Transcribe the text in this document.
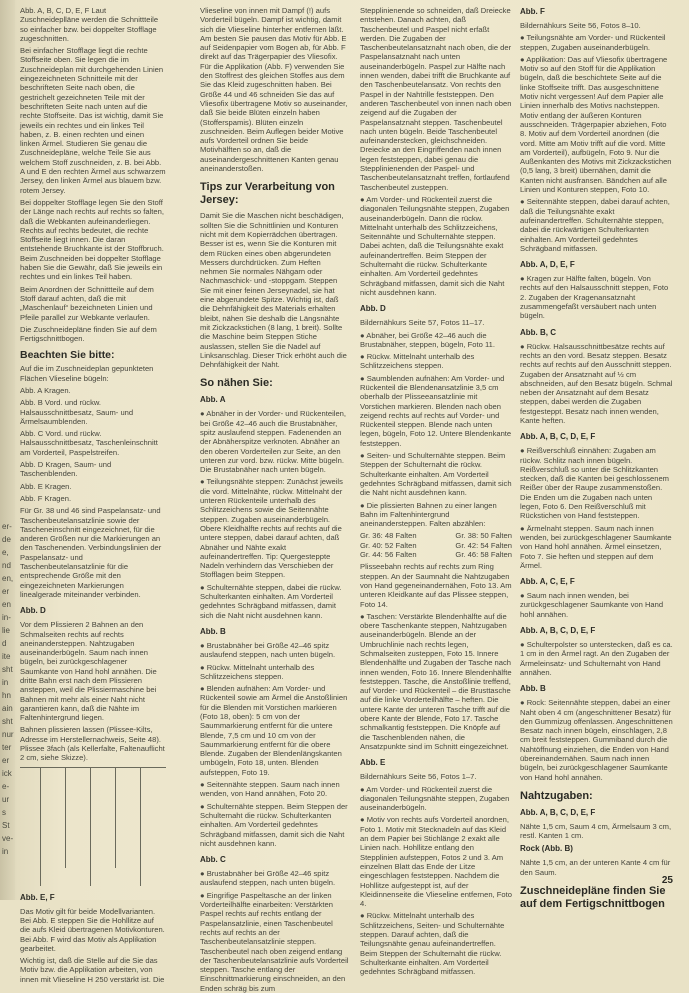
er-
de
e,
nd
en,
er
en
in-
lie
d
ite
sht
in
hn
ain
sht
nur
ter
er
ick
e-
ur
s
St
ve-
in

Abb. A, B, C, D, E, F Laut Zuschneideplläne werden die Schnittteile so einfacher bzw. bei doppelter Stofflage zugeschnitten.

Bei einfacher Stofflage liegt die rechte Stoffseite oben. Sie legen die im Zuschneideplan mit durchgehenden Linien eingezeichneten Schnitteile mit der beschrifteten Seite nach oben, die gestrichelt gezeichneten Teile mit der beschrifteten Seite nach unten auf die rechte Stoffseite. Das ist wichtig, damit Sie jeweils ein rechtes und ein linkes Teil haben, z. B. einen rechten und einen linken Ärmel. Studieren Sie genau die Zuschneidepläne, welche Teile Sie aus welchem Stoff zuschneiden, z. B. bei Abb. A und E den rechten Ärmel aus schwarzem Jersey, den linken Ärmel aus blauem bzw. rotem Jersey.

Bei doppelter Stofflage legen Sie den Stoff der Länge nach rechts auf rechts so falten, daß die Webkanten aufeinanderliegen. Rechts auf rechts bedeutet, die rechte Stoffseite liegt innen. Die daran entstehende Bruchkante ist der Stoffbruch. Beim Zuschneiden bei doppelter Stofflage haben Sie die Gewähr, daß Sie jeweils ein rechtes und ein linkes Teil haben.

Beim Anordnen der Schnittteile auf dem Stoff darauf achten, daß die mit „Maschenlauf“ bezeichneten Linien und Pfeile parallel zur Webkante verlaufen.

Die Zuschneidepläne finden Sie auf dem Fertigschnittbogen.

Beachten Sie bitte:

Auf die im Zuschneideplan gepunkteten Flächen Vlieseline bügeln:

Abb. A Kragen.

Abb. B Vord. und rückw. Halsausschnittbesatz, Saum- und Ärmelsaumblenden.

Abb. C Vord. und rückw. Halsausschnittbesatz, Taschenleinschnitt am Vorderteil, Paspelstreifen.

Abb. D Kragen, Saum- und Taschenblenden.

Abb. E Kragen.

Abb. F Kragen.

Für Gr. 38 und 46 sind Paspelansatz- und Taschenbeutelansatzlinie sowie der Tascheneinschnitt eingezeichnet, für die anderen Größen nur die Markierungen an den Taschenenden. Verbindungslinien der Paspelansatz- und Taschenbeutelansatzlinie für die entsprechende Größe mit den eingezeichneten Markierungen linealgerade miteinander verbinden.

Abb. D

Vor dem Plissieren 2 Bahnen an den Schmalseiten rechts auf rechts aneinandersteppen. Nahtzugaben auseinanderbügeln. Saum nach innen bügeln, bei zurückgeschlagener Saumkante von Hand hohl annähen. Die dritte Bahn erst nach dem Plissieren ansteppen, weil die Plissiermaschine bei Bahnen mit mehr als einer Naht nicht garantieren kann, daß die Nähte im Faltenhintergrund liegen.

Bahnen plissieren lassen (Plissee-Kilts, Adresse im Herstellernachweis, Seite 48). Plissee 3fach (als Kellerfalte, Faltenauflicht 2 cm, siehe Skizze).

Abb. E, F

Das Motiv gilt für beide Modellvarianten. Bei Abb. E steppen Sie die Hohllitze auf die aufs Kleid übertragenen Motivkonturen. Bei Abb. F wird das Motiv als Applikation gearbeitet.

Wichtig ist, daß die Stelle auf die Sie das Motiv bzw. die Applikation arbeiten, von innen mit Vlieseline H 250 verstärkt ist. Die

Vlieseline von innen mit Dampf (!) aufs Vorderteil bügeln. Dampf ist wichtig, damit sich die Vlieseline hinterher entfernen läßt. Am besten Sie pausen das Motiv für Abb. E auf Seidenpapier vom Bogen ab, für Abb. F direkt auf das Trägerpapier des Vliesofix. Für die Applikation (Abb. F) verwenden Sie den Stoffrest des gleichen Stoffes aus dem Sie das Kleid zugeschnitten haben. Bei Größe 44 und 46 schneiden Sie das auf Vliesofix übertragene Motiv so auseinander, daß Sie beide Blüten einzeln haben (Stofferspamis). Blüten einzeln zuschneiden. Beim Auflegen beider Motive aufs Vorderteil ordnen Sie beide Motivhälften so an, daß die auseinandergeschnittenen Kanten genau aneinanderstoßen.

Tips zur Verarbeitung von Jersey:

Damit Sie die Maschen nicht beschädigen, sollten Sie die Schnittlinien und Konturen nicht mit dem Kopierrädchen übertragen. Besser ist es, wenn Sie die Konturen mit dem Rücken eines oben abgerundeten Messers durchdrücken. Zum Heften nehmen Sie normales Nähgarn oder Nachmaschick- und -stoppgam. Steppen Sie mit einer feinen Jerseynadel, sie hat eine abgerundete Spitze. Wichtig ist, daß die Dehnfähigkeit des Materials erhalten bleibt, nähen Sie deshalb die Längsnähte mit Zickzackstichen (8 lang, 1 breit). Sollte die Maschine beim Steppen Stiche auslassen, stellen Sie die Nadel auf Linksanschlag. Dieser Trick erhöht auch die Dehnfähigkeit der Naht.

So nähen Sie:
Abb. A

● Abnäher in der Vorder- und Rückenteilen, bei Größe 42–46 auch die Brustabnäher, spitz auslaufend steppen. Fadenenden an der Abnäherspitze verknoten. Abnäher an den oberen Vorderteilen zur Seite, an den unteren zur vord. bzw. rückw. Mitte bügeln. Die Brustabnäher nach unten bügeln.

● Teilungsnähte steppen: Zunächst jeweils die vord. Mittelnähte, rückw. Mittelnaht der unteren Rückenteile unterhalb des Schlitzzeichens sowie die Seitennähte steppen. Zugaben auseinanderbügeln. Obere Kleidhälfte rechts auf rechts auf die untere steppen, dabei darauf achten, daß Abnäher und Nähte exakt aufeinandertreffen. Tip: Quergesteppte Nadeln verhindern das Verschieben der Stofflagen beim Steppen.

● Schulternähte steppen, dabei die rückw. Schulterkanten einhalten. Am Vorderteil gedehntes Schrägband mitfassen, damit sich die Naht nicht ausdehnen kann.

Abb. B

● Brustabnäher bei Größe 42–46 spitz auslaufend steppen, nach unten bügeln.

● Rückw. Mittelnaht unterhalb des Schlitzzeichens steppen.

● Blenden aufnähen: Am Vorder- und Rückenteil sowie am Ärmel die Anstoßlinien für die Blenden mit Vorstichen markieren (Foto 18, oben): 5 cm von der Saummarkierung entfernt für die untere Blende, 7,5 cm und 10 cm von der Saummarkierung entfernt für die obere Blende. Zugaben der Blendenlängskanten umbügeln, Foto 18, unten. Blenden aufsteppen, Foto 19.

● Seitennähte steppen. Saum nach innen wenden, von Hand annähen, Foto 20.

● Schulternähte steppen. Beim Steppen der Schulternaht die rückw. Schulterkanten einhalten. Am Vorderteil gedehntes Schrägband mitfassen, damit sich die Naht nicht ausdehnen kann.

Abb. C

● Brustabnäher bei Größe 42–46 spitz auslaufend steppen, nach unten bügeln.

● Eingrifige Paspeltasche an der linken Vorderteilhälfte einarbeiten: Verstärkten Paspel rechts auf rechts entlang der Paspelansatzlinie, einen Taschenbeutel rechts auf rechts an der Taschenbeutelansatzlinie steppen. Taschenbeutel nach oben zeigend entlang der Taschenbeutelansatzlinie aufs Vorderteil steppen. Tasche entlang der Einschnittmarkierung einschneiden, an den Enden schräg bis zum

Stepplinienende so schneiden, daß Dreiecke entstehen. Danach achten, daß Taschenbeutel und Paspel nicht erfaßt werden. Die Zugaben der Taschenbeutelansatznaht nach oben, die der Paspelansatznaht nach unten auseinanderbügeln. Paspel zur Hälfte nach innen wenden, dabei trifft die Bruchkante auf den Taschenbeutelansatz. Von rechts den Paspel in der Nahtrille feststeppen. Den anderen Taschenbeutel von innen nach oben zeigend auf die Zugaben der Paspelansatznaht steppen. Taschenbeutel nach unten bügeln. Beide Taschenbeutel aufeinanderstecken, gleichschneiden. Dreiecke an den Eingriffenden nach innen legen feststeppen, dabei genau die Stepplinienenden der Paspel- und Taschenbeutelansatznaht treffen, fortlaufend Taschenbeutel zusteppen.

● Am Vorder- und Rückenteil zuerst die diagonalen Teilungsnähte steppen, Zugaben auseinanderbügeln. Dann die rückw. Mittelnaht unterhalb des Schlitzzeichens, Seitennähte und Schulternähte steppen. Dabei achten, daß die Teilungsnähte exakt aufeinandertreffen. Beim Steppen der Schulternaht die rückw. Schulterkante einhalten. Am Vorderteil gedehntes Schrägband mitfassen, damit sich die Naht nicht ausdehnen kann.

Abb. D

Bildernähkurs Seite 57, Fotos 11–17.

● Abnäher, bei Größe 42–46 auch die Brustabnäher, steppen, bügeln, Foto 11.

● Rückw. Mittelnaht unterhalb des Schlitzzeichens steppen.

● Saumblenden aufnähen: Am Vorder- und Rückenteil die Blendenansatzlinie 3,5 cm oberhalb der Plisseeansatzlinie mit Vorstichen markieren. Blenden nach oben zeigend rechts auf rechts auf Vorder- und Rückenteil steppen. Blende nach unten legen, bügeln, Foto 12. Untere Blendenkante feststeppen.

● Seiten- und Schulternähte steppen. Beim Steppen der Schulternaht die rückw. Schulterkante einhalten. Am Vorderteil gedehntes Schrägband mitfassen, damit sich die Naht nicht ausdehnen kann.

● Die plissierten Bahnen zu einer langen Bahn im Faltenhintergrund aneinandersteppen. Falten abzählen:

Gr. 36: 48 Falten	Gr. 38: 50 Falten
Gr. 40: 52 Falten	Gr. 42: 54 Falten
Gr. 44: 56 Falten	Gr. 46: 58 Falten

Plisseebahn rechts auf rechts zum Ring steppen. An der Saumnaht die Nahtzugaben von Hand gegeneinandernähen, Foto 13. Am unteren Kleidkante auf das Plissee steppen, Foto 14.

● Taschen: Verstärkte Blendenhälfte auf die obere Taschenkante steppen, Nahtzugaben auseinanderbügeln. Blende an der Umbruchlinie nach rechts legen, Schmalseiten zusteppen, Foto 15. Innere Blendenhälfte und Zugaben der Tasche nach innen wenden, Foto 16. Innere Blendenhälfte feststeppen. Tasche, die Anstoßlinie treffend, auf Vorder- und Rückenteil – die Brusttasche auf die linke Vorderteilhälfte – heften. Die untere Kante der unteren Tasche trifft auf die obere Kante der Blende, Foto 17. Tasche schmalkantig feststeppen. Die Knöpfe auf die Taschenblenden nähen, die Ansatzpunkte sind im Schnitt eingezeichnet.

Abb. E

Bildernähkurs Seite 56, Fotos 1–7.

● Am Vorder- und Rückenteil zuerst die diagonalen Teilungsnähte steppen, Zugaben auseinanderbügeln.

● Motiv von rechts aufs Vorderteil anordnen, Foto 1. Motiv mit Stecknadeln auf das Kleid an dem Papier bei Stichlänge 2 exakt alle Linien nach. Hohllitze entlang den Stepplinien aufsteppen, Fotos 2 und 3. Am einzelnen Blatt das Ende der Litze eingeschlagen feststeppen. Nachdem die Hohllitze aufgesteppt ist, auf der Kleidinnenseite die Vlieseline entfernen, Foto 4.

● Rückw. Mittelnaht unterhalb des Schlitzzeichens, Seiten- und Schulternähte steppen. Darauf achten, daß die Teilungsnähte genau aufeinandertreffen. Beim Steppen der Schulternaht die rückw. Schulterkante einhalten. Am Vorderteil gedehntes Schrägband mitfassen.

Abb. F

Bildernähkurs Seite 56, Fotos 8–10.

● Teilungsnähte am Vorder- und Rückenteil steppen, Zugaben auseinanderbügeln.

● Applikation: Das auf Vliesofix übertragene Motiv so auf den Stoff für die Applikation bügeln, daß die beschichtete Seite auf die linke Stoffseite trifft. Das ausgeschnittene Motiv nicht vergessen! Auf dem Papier alle Linien innerhalb des Motivs nachsteppen. Motiv entlang der äußeren Konturen ausschneiden. Trägerpapier abziehen, Foto 8. Motiv auf dem Vorderteil anordnen (die vord. Mitte am Motiv trifft auf die vord. Mitte am Vorderteil), aufbügeln, Foto 9. Nur die Außenkanten des Motivs mit Zickzackstichen (0,5 lang, 3 breit) übernähen, damit die Kanten nicht ausfransen. Bändchen auf alle Linien und Konturen steppen, Foto 10.

● Seitennähte steppen, dabei darauf achten, daß die Teilungsnähte exakt aufeinandertreffen. Schulternähte steppen, dabei die rückwärtigen Schulterkanten einhalten. Am Vorderteil gedehntes Schrägband mitfassen.

Abb. A, D, E, F

● Kragen zur Hälfte falten, bügeln. Von rechts auf den Halsausschnitt steppen, Foto 2. Zugaben der Kragenansatznaht zusammengefaßt versäubert nach unten bügeln.

Abb. B, C

● Rückw. Halsausschnittbesätze rechts auf rechts an den vord. Besatz steppen. Besatz rechts auf rechts auf den Ausschnitt steppen. Zugaben der Ansatznaht auf ½ cm abschneiden, auf den Besatz bügeln. Schmal neben der Ansatznaht auf dem Besatz steppen, dabei werden die Zugaben festgesteppt. Besatz nach innen wenden, Kante heften.

Abb. A, B, C, D, E, F

● Reißverschluß einnähen: Zugaben am rückw. Schlitz nach innen bügeln. Reißverschluß so unter die Schlitzkanten stecken, daß die Kanten bei geschlossenem Reißer über der Raupe zusammenstoßen. Die Enden um die Zugaben nach unten legen, Foto 6. Den Reißverschluß mit Rückstichen von Hand feststeppen.

● Ärmelnaht steppen. Saum nach innen wenden, bei zurückgeschlagener Saumkante von Hand hohl annähen. Ärmel einsetzen, Foto 7. Sie heften und steppen auf dem Ärmel.

Abb. A, C, E, F

● Saum nach innen wenden, bei zurückgeschlagener Saumkante von Hand hohl annähen.

Abb. A, B, C, D, E, F

● Schulterpolster so unterstecken, daß es ca. 1 cm in den Ärmel ragt. An den Zugaben der Ärmeleinsatz- und Schulternaht von Hand annähen.

Abb. B

● Rock: Seitennähte steppen, dabei an einer Naht oben 4 cm (angeschnittener Besatz) für den Gummizug offenlassen. Angeschnittenen Besatz nach innen bügeln, einschlagen, 2,8 cm breit feststeppen. Gummiband durch die Nahtöffnung einziehen, die Enden von Hand übereinandernähen. Saum nach innen bügeln, bei zurückgeschlagener Saumkante von Hand hohl annähen.

Nahtzugaben:
Abb. A, B, C, D, E, F

Nähte 1,5 cm, Saum 4 cm, Ärmelsaum 3 cm, restl. Kanten 1 cm.

Rock (Abb. B)

Nähte 1,5 cm, an der unteren Kante 4 cm für den Saum.

Zuschneidepläne finden Sie auf dem Fertigschnittbogen
25
